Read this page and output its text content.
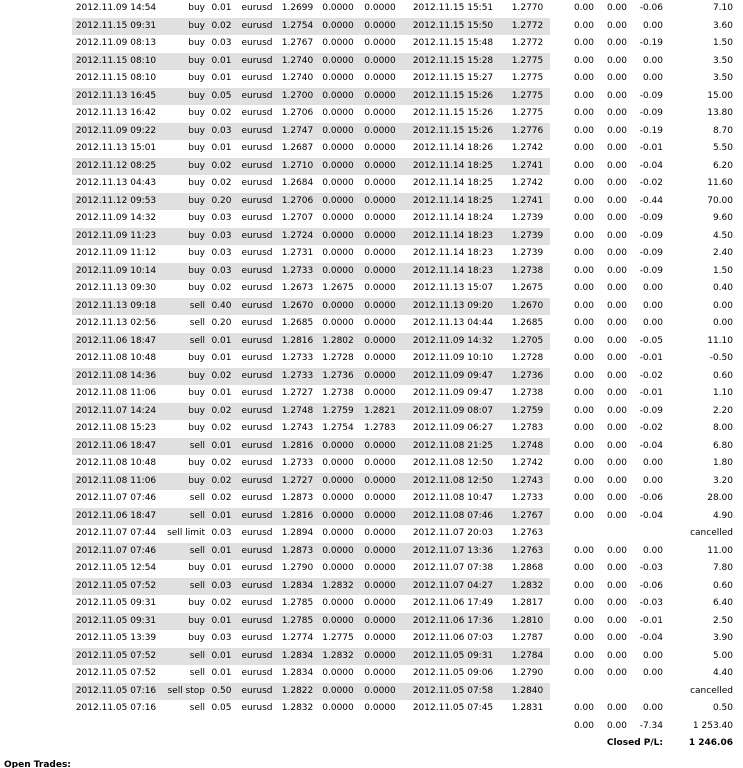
	2012.11.09 14:54	buy	0.01	eurusd	1.2699	0.0000	0.0000	2012.11.15 15:51	1.2770	0.00	0.00	-0.06	7.10
	2012.11.15 09:31	buy	0.02	eurusd	1.2754	0.0000	0.0000	2012.11.15 15:50	1.2772	0.00	0.00	0.00	3.60
	2012.11.09 08:13	buy	0.03	eurusd	1.2767	0.0000	0.0000	2012.11.15 15:48	1.2772	0.00	0.00	-0.19	1.50
	2012.11.15 08:10	buy	0.01	eurusd	1.2740	0.0000	0.0000	2012.11.15 15:28	1.2775	0.00	0.00	0.00	3.50
	2012.11.15 08:10	buy	0.01	eurusd	1.2740	0.0000	0.0000	2012.11.15 15:27	1.2775	0.00	0.00	0.00	3.50
	2012.11.13 16:45	buy	0.05	eurusd	1.2700	0.0000	0.0000	2012.11.15 15:26	1.2775	0.00	0.00	-0.09	15.00
	2012.11.13 16:42	buy	0.02	eurusd	1.2706	0.0000	0.0000	2012.11.15 15:26	1.2775	0.00	0.00	-0.09	13.80
	2012.11.09 09:22	buy	0.03	eurusd	1.2747	0.0000	0.0000	2012.11.15 15:26	1.2776	0.00	0.00	-0.19	8.70
	2012.11.13 15:01	buy	0.01	eurusd	1.2687	0.0000	0.0000	2012.11.14 18:26	1.2742	0.00	0.00	-0.01	5.50
	2012.11.12 08:25	buy	0.02	eurusd	1.2710	0.0000	0.0000	2012.11.14 18:25	1.2741	0.00	0.00	-0.04	6.20
	2012.11.13 04:43	buy	0.02	eurusd	1.2684	0.0000	0.0000	2012.11.14 18:25	1.2742	0.00	0.00	-0.02	11.60
	2012.11.12 09:53	buy	0.20	eurusd	1.2706	0.0000	0.0000	2012.11.14 18:25	1.2741	0.00	0.00	-0.44	70.00
	2012.11.09 14:32	buy	0.03	eurusd	1.2707	0.0000	0.0000	2012.11.14 18:24	1.2739	0.00	0.00	-0.09	9.60
	2012.11.09 11:23	buy	0.03	eurusd	1.2724	0.0000	0.0000	2012.11.14 18:23	1.2739	0.00	0.00	-0.09	4.50
	2012.11.09 11:12	buy	0.03	eurusd	1.2731	0.0000	0.0000	2012.11.14 18:23	1.2739	0.00	0.00	-0.09	2.40
	2012.11.09 10:14	buy	0.03	eurusd	1.2733	0.0000	0.0000	2012.11.14 18:23	1.2738	0.00	0.00	-0.09	1.50
	2012.11.13 09:30	buy	0.02	eurusd	1.2673	1.2675	0.0000	2012.11.13 15:07	1.2675	0.00	0.00	0.00	0.40
	2012.11.13 09:18	sell	0.40	eurusd	1.2670	0.0000	0.0000	2012.11.13 09:20	1.2670	0.00	0.00	0.00	0.00
	2012.11.13 02:56	sell	0.20	eurusd	1.2685	0.0000	0.0000	2012.11.13 04:44	1.2685	0.00	0.00	0.00	0.00
	2012.11.06 18:47	sell	0.01	eurusd	1.2816	1.2802	0.0000	2012.11.09 14:32	1.2705	0.00	0.00	-0.05	11.10
	2012.11.08 10:48	buy	0.01	eurusd	1.2733	1.2728	0.0000	2012.11.09 10:10	1.2728	0.00	0.00	-0.01	-0.50
	2012.11.08 14:36	buy	0.02	eurusd	1.2733	1.2736	0.0000	2012.11.09 09:47	1.2736	0.00	0.00	-0.02	0.60
	2012.11.08 11:06	buy	0.01	eurusd	1.2727	1.2738	0.0000	2012.11.09 09:47	1.2738	0.00	0.00	-0.01	1.10
	2012.11.07 14:24	buy	0.02	eurusd	1.2748	1.2759	1.2821	2012.11.09 08:07	1.2759	0.00	0.00	-0.09	2.20
	2012.11.08 15:23	buy	0.02	eurusd	1.2743	1.2754	1.2783	2012.11.09 06:27	1.2783	0.00	0.00	-0.02	8.00
	2012.11.06 18:47	sell	0.01	eurusd	1.2816	0.0000	0.0000	2012.11.08 21:25	1.2748	0.00	0.00	-0.04	6.80
	2012.11.08 10:48	buy	0.02	eurusd	1.2733	0.0000	0.0000	2012.11.08 12:50	1.2742	0.00	0.00	0.00	1.80
	2012.11.08 11:06	buy	0.02	eurusd	1.2727	0.0000	0.0000	2012.11.08 12:50	1.2743	0.00	0.00	0.00	3.20
	2012.11.07 07:46	sell	0.02	eurusd	1.2873	0.0000	0.0000	2012.11.08 10:47	1.2733	0.00	0.00	-0.06	28.00
	2012.11.06 18:47	sell	0.01	eurusd	1.2816	0.0000	0.0000	2012.11.08 07:46	1.2767	0.00	0.00	-0.04	4.90
	2012.11.07 07:44	sell limit	0.03	eurusd	1.2894	0.0000	0.0000	2012.11.07 20:03	1.2763	cancelled			
	2012.11.07 07:46	sell	0.01	eurusd	1.2873	0.0000	0.0000	2012.11.07 13:36	1.2763	0.00	0.00	0.00	11.00
	2012.11.05 12:54	buy	0.01	eurusd	1.2790	0.0000	0.0000	2012.11.07 07:38	1.2868	0.00	0.00	-0.03	7.80
	2012.11.05 07:52	sell	0.03	eurusd	1.2834	1.2832	0.0000	2012.11.07 04:27	1.2832	0.00	0.00	-0.06	0.60
	2012.11.05 09:31	buy	0.02	eurusd	1.2785	0.0000	0.0000	2012.11.06 17:49	1.2817	0.00	0.00	-0.03	6.40
	2012.11.05 09:31	buy	0.01	eurusd	1.2785	0.0000	0.0000	2012.11.06 17:36	1.2810	0.00	0.00	-0.01	2.50
	2012.11.05 13:39	buy	0.03	eurusd	1.2774	1.2775	0.0000	2012.11.06 07:03	1.2787	0.00	0.00	-0.04	3.90
	2012.11.05 07:52	sell	0.01	eurusd	1.2834	1.2832	0.0000	2012.11.05 09:31	1.2784	0.00	0.00	0.00	5.00
	2012.11.05 07:52	sell	0.01	eurusd	1.2834	0.0000	0.0000	2012.11.05 09:06	1.2790	0.00	0.00	0.00	4.40
	2012.11.05 07:16	sell stop	0.50	eurusd	1.2822	0.0000	0.0000	2012.11.05 07:58	1.2840	cancelled			
	2012.11.05 07:16	sell	0.05	eurusd	1.2832	0.0000	0.0000	2012.11.05 07:45	1.2831	0.00	0.00	0.00	0.50
										0.00	0.00	-7.34	1 253.40
										Closed P/L:			1 246.06
Open Trades:
